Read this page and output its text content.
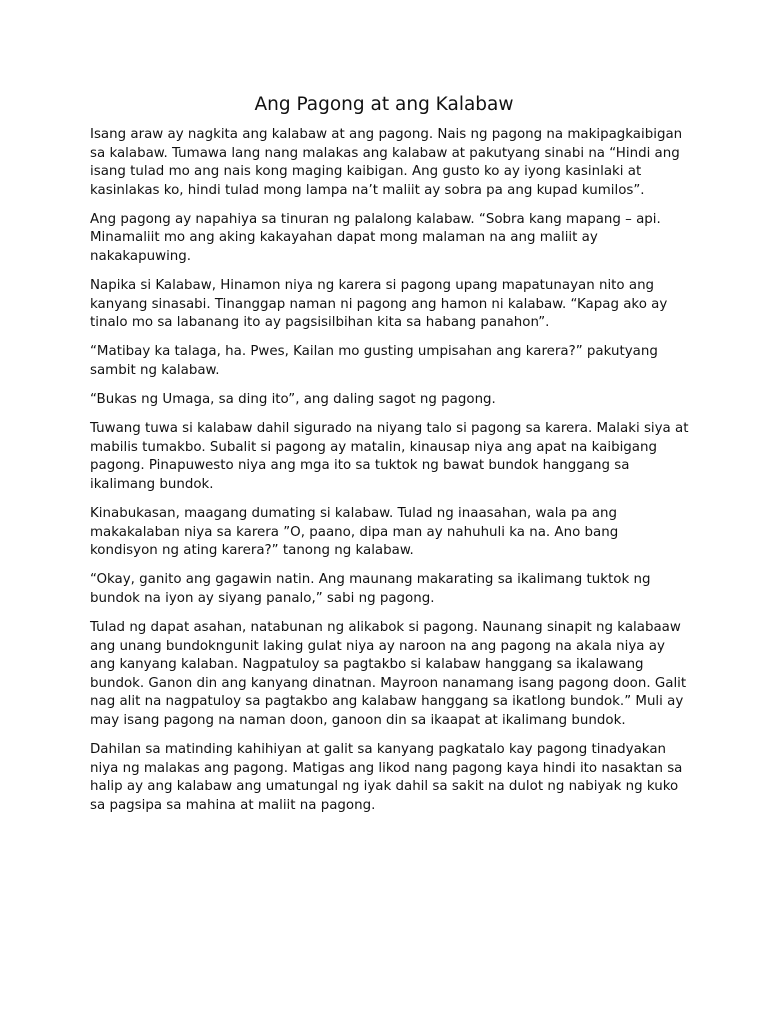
Ang Pagong at ang Kalabaw

Isang araw ay nagkita ang kalabaw at ang pagong. Nais ng pagong na makipagkaibigan sa kalabaw. Tumawa lang nang malakas ang kalabaw at pakutyang sinabi na “Hindi ang isang tulad mo ang nais kong maging kaibigan. Ang gusto ko ay iyong kasinlaki at kasinlakas ko, hindi tulad mong lampa na’t maliit ay sobra pa ang kupad kumilos”.

Ang pagong ay napahiya sa tinuran ng palalong kalabaw. “Sobra kang mapang – api. Minamaliit mo ang aking kakayahan dapat mong malaman na ang maliit ay nakakapuwing.

Napika si Kalabaw, Hinamon niya ng karera si pagong upang mapatunayan nito ang kanyang sinasabi. Tinanggap naman ni pagong ang hamon ni kalabaw. “Kapag ako ay tinalo mo sa labanang ito ay pagsisilbihan kita sa habang panahon”.

“Matibay ka talaga, ha. Pwes, Kailan mo gusting umpisahan ang karera?” pakutyang sambit ng kalabaw.

“Bukas ng Umaga, sa ding ito”, ang daling sagot ng pagong.

Tuwang tuwa si kalabaw dahil sigurado na niyang talo si pagong sa karera. Malaki siya at mabilis tumakbo. Subalit si pagong ay matalin, kinausap niya ang apat na kaibigang pagong. Pinapuwesto niya ang mga ito sa tuktok ng bawat bundok hanggang sa ikalimang bundok.

Kinabukasan, maagang dumating si kalabaw. Tulad ng inaasahan, wala pa ang makakalaban niya sa karera ”O, paano, dipa man ay nahuhuli ka na. Ano bang kondisyon ng ating karera?” tanong ng kalabaw.

“Okay, ganito ang gagawin natin. Ang maunang makarating sa ikalimang tuktok ng bundok na iyon ay siyang panalo,” sabi ng pagong.

Tulad ng dapat asahan, natabunan ng alikabok si pagong. Naunang sinapit ng kalabaaw ang unang bundokngunit laking gulat niya ay naroon na ang pagong na akala niya ay ang kanyang kalaban. Nagpatuloy sa pagtakbo si kalabaw hanggang sa ikalawang bundok. Ganon din ang kanyang dinatnan. Mayroon nanamang isang pagong doon. Galit nag alit na nagpatuloy sa pagtakbo ang kalabaw hanggang sa ikatlong bundok.” Muli ay may isang pagong na naman doon, ganoon din sa ikaapat at ikalimang bundok.

Dahilan sa matinding kahihiyan at galit sa kanyang pagkatalo kay pagong tinadyakan niya ng malakas ang pagong. Matigas ang likod nang pagong kaya hindi ito nasaktan sa halip ay ang kalabaw ang umatungal ng iyak dahil sa sakit na dulot ng nabiyak ng kuko sa pagsipa sa mahina at maliit na pagong.
